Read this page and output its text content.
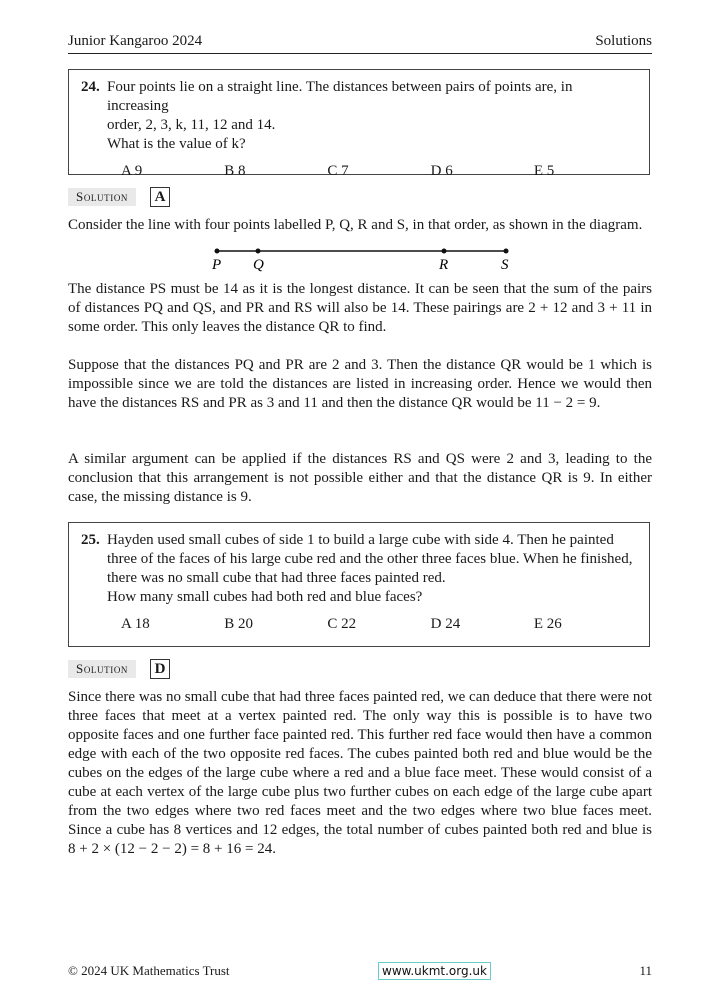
Junior Kangaroo 2024	Solutions
24. Four points lie on a straight line. The distances between pairs of points are, in increasing
order, 2, 3, k, 11, 12 and 14.
What is the value of k?
A 9	B 8	C 7	D 6	E 5
Solution	A

Consider the line with four points labelled P, Q, R and S, in that order, as shown in the diagram.

P Q	R	S

The distance PS must be 14 as it is the longest distance. It can be seen that the sum of the pairs of distances PQ and QS, and PR and RS will also be 14. These pairings are 2 + 12 and 3 + 11 in some order. This only leaves the distance QR to find.

Suppose that the distances PQ and PR are 2 and 3. Then the distance QR would be 1 which is impossible since we are told the distances are listed in increasing order. Hence we would then have the distances RS and PR as 3 and 11 and then the distance QR would be 11 − 2 = 9.

A similar argument can be applied if the distances RS and QS were 2 and 3, leading to the conclusion that this arrangement is not possible either and that the distance QR is 9. In either case, the missing distance is 9.

25. Hayden used small cubes of side 1 to build a large cube with side 4. Then he painted
three of the faces of his large cube red and the other three faces blue. When he finished,
there was no small cube that had three faces painted red.
How many small cubes had both red and blue faces?
A 18	B 20	C 22	D 24	E 26
Solution	D

Since there was no small cube that had three faces painted red, we can deduce that there were not three faces that meet at a vertex painted red. The only way this is possible is to have two opposite faces and one further face painted red. This further red face would then have a common edge with each of the two opposite red faces. The cubes painted both red and blue would be the cubes on the edges of the large cube where a red and a blue face meet. These would consist of a cube at each vertex of the large cube plus two further cubes on each edge of the large cube apart from the two edges where two red faces meet and the two edges where two blue faces meet. Since a cube has 8 vertices and 12 edges, the total number of cubes painted both red and blue is 8 + 2 × (12 − 2 − 2) = 8 + 16 = 24.

© 2024 UK Mathematics Trust	www.ukmt.org.uk	11
